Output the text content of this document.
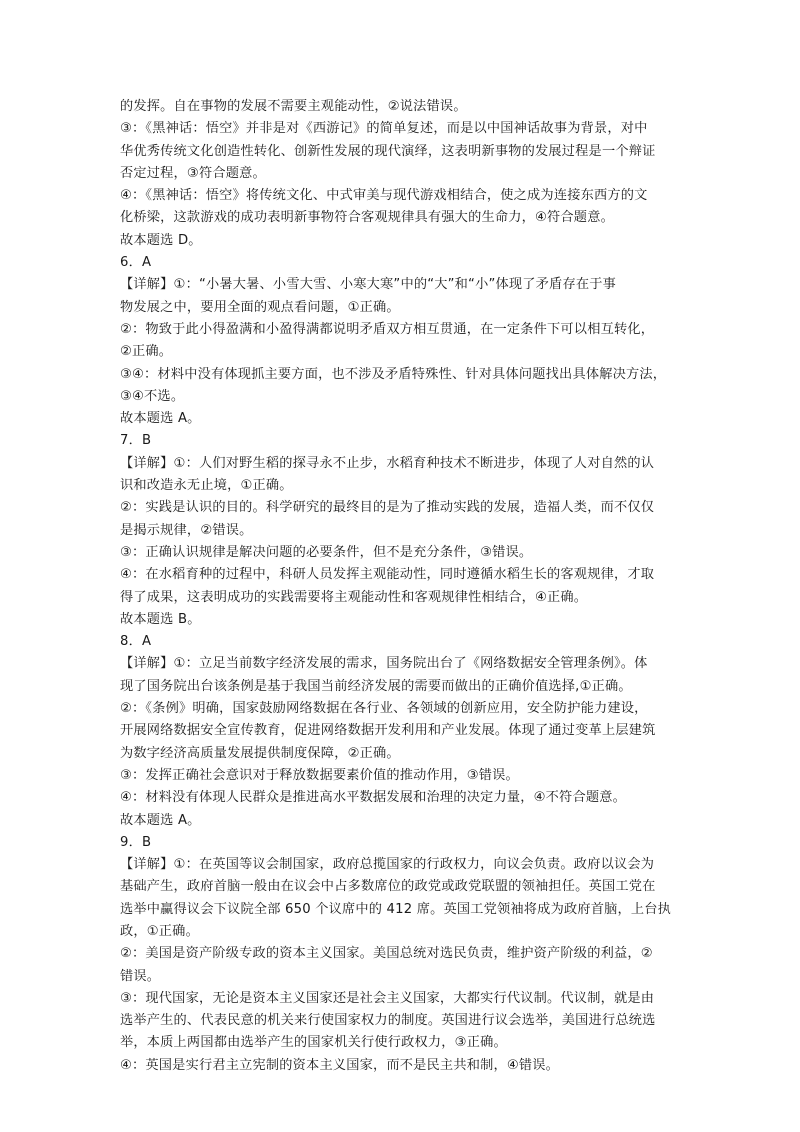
的发挥。自在事物的发展不需要主观能动性，②说法错误。
③：《黑神话：悟空》并非是对《西游记》的简单复述，而是以中国神话故事为背景，对中
华优秀传统文化创造性转化、创新性发展的现代演绎，这表明新事物的发展过程是一个辩证
否定过程，③符合题意。
④：《黑神话：悟空》将传统文化、中式审美与现代游戏相结合，使之成为连接东西方的文
化桥梁，这款游戏的成功表明新事物符合客观规律具有强大的生命力，④符合题意。
故本题选 D。
6．A
【详解】①：“小暑大暑、小雪大雪、小寒大寒”中的“大”和“小”体现了矛盾存在于事
物发展之中，要用全面的观点看问题，①正确。
②：物致于此小得盈满和小盈得满都说明矛盾双方相互贯通，在一定条件下可以相互转化，
②正确。
③④：材料中没有体现抓主要方面，也不涉及矛盾特殊性、针对具体问题找出具体解决方法，
③④不选。
故本题选 A。
7．B
【详解】①：人们对野生稻的探寻永不止步，水稻育种技术不断进步，体现了人对自然的认
识和改造永无止境，①正确。
②：实践是认识的目的。科学研究的最终目的是为了推动实践的发展，造福人类，而不仅仅
是揭示规律，②错误。
③：正确认识规律是解决问题的必要条件，但不是充分条件，③错误。
④：在水稻育种的过程中，科研人员发挥主观能动性，同时遵循水稻生长的客观规律，才取
得了成果，这表明成功的实践需要将主观能动性和客观规律性相结合，④正确。
故本题选 B。
8．A
【详解】①：立足当前数字经济发展的需求，国务院出台了《网络数据安全管理条例》。体
现了国务院出台该条例是基于我国当前经济发展的需要而做出的正确价值选择,①正确。
②：《条例》明确，国家鼓励网络数据在各行业、各领域的创新应用，安全防护能力建设，
开展网络数据安全宣传教育，促进网络数据开发利用和产业发展。体现了通过变革上层建筑
为数字经济高质量发展提供制度保障，②正确。
③：发挥正确社会意识对于释放数据要素价值的推动作用，③错误。
④：材料没有体现人民群众是推进高水平数据发展和治理的决定力量，④不符合题意。
故本题选 A。
9．B
【详解】①：在英国等议会制国家，政府总揽国家的行政权力，向议会负责。政府以议会为
基础产生，政府首脑一般由在议会中占多数席位的政党或政党联盟的领袖担任。英国工党在
选举中赢得议会下议院全部 650 个议席中的 412 席。英国工党领袖将成为政府首脑，上台执
政，①正确。
②：美国是资产阶级专政的资本主义国家。美国总统对选民负责，维护资产阶级的利益，②
错误。
③：现代国家，无论是资本主义国家还是社会主义国家，大都实行代议制。代议制，就是由
选举产生的、代表民意的机关来行使国家权力的制度。英国进行议会选举，美国进行总统选
举，本质上两国都由选举产生的国家机关行使行政权力，③正确。
④：英国是实行君主立宪制的资本主义国家，而不是民主共和制，④错误。
